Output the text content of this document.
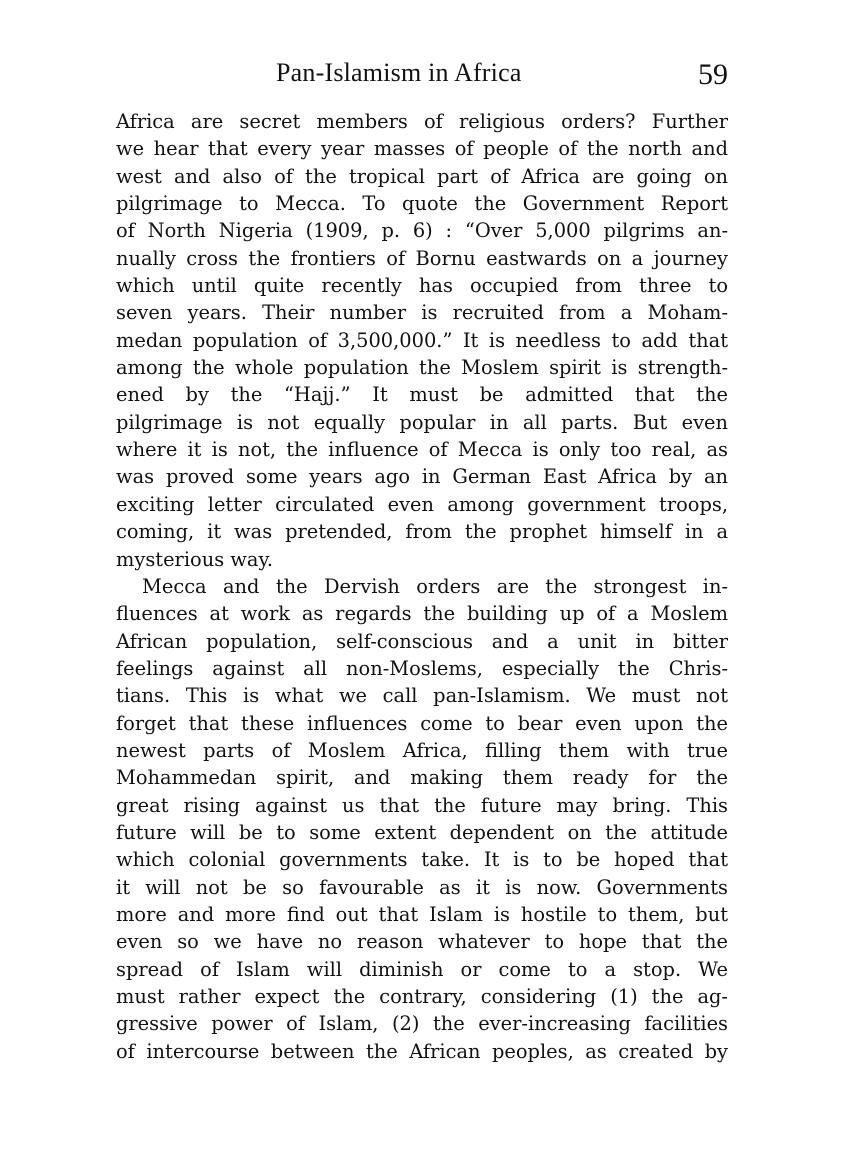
Pan-Islamism in Africa	59
Africa are secret members of religious orders? Further
we hear that every year masses of people of the north and
west and also of the tropical part of Africa are going on
pilgrimage to Mecca. To quote the Government Report
of North Nigeria (1909, p. 6) : “Over 5,000 pilgrims an-
nually cross the frontiers of Bornu eastwards on a journey
which until quite recently has occupied from three to
seven years. Their number is recruited from a Moham-
medan population of 3,500,000.” It is needless to add that
among the whole population the Moslem spirit is strength-
ened by the “Hajj.” It must be admitted that the
pilgrimage is not equally popular in all parts. But even
where it is not, the influence of Mecca is only too real, as
was proved some years ago in German East Africa by an
exciting letter circulated even among government troops,
coming, it was pretended, from the prophet himself in a
mysterious way.
Mecca and the Dervish orders are the strongest in-
fluences at work as regards the building up of a Moslem
African population, self-conscious and a unit in bitter
feelings against all non-Moslems, especially the Chris-
tians. This is what we call pan-Islamism. We must not
forget that these influences come to bear even upon the
newest parts of Moslem Africa, filling them with true
Mohammedan spirit, and making them ready for the
great rising against us that the future may bring. This
future will be to some extent dependent on the attitude
which colonial governments take. It is to be hoped that
it will not be so favourable as it is now. Governments
more and more find out that Islam is hostile to them, but
even so we have no reason whatever to hope that the
spread of Islam will diminish or come to a stop. We
must rather expect the contrary, considering (1) the ag-
gressive power of Islam, (2) the ever-increasing facilities
of intercourse between the African peoples, as created by
